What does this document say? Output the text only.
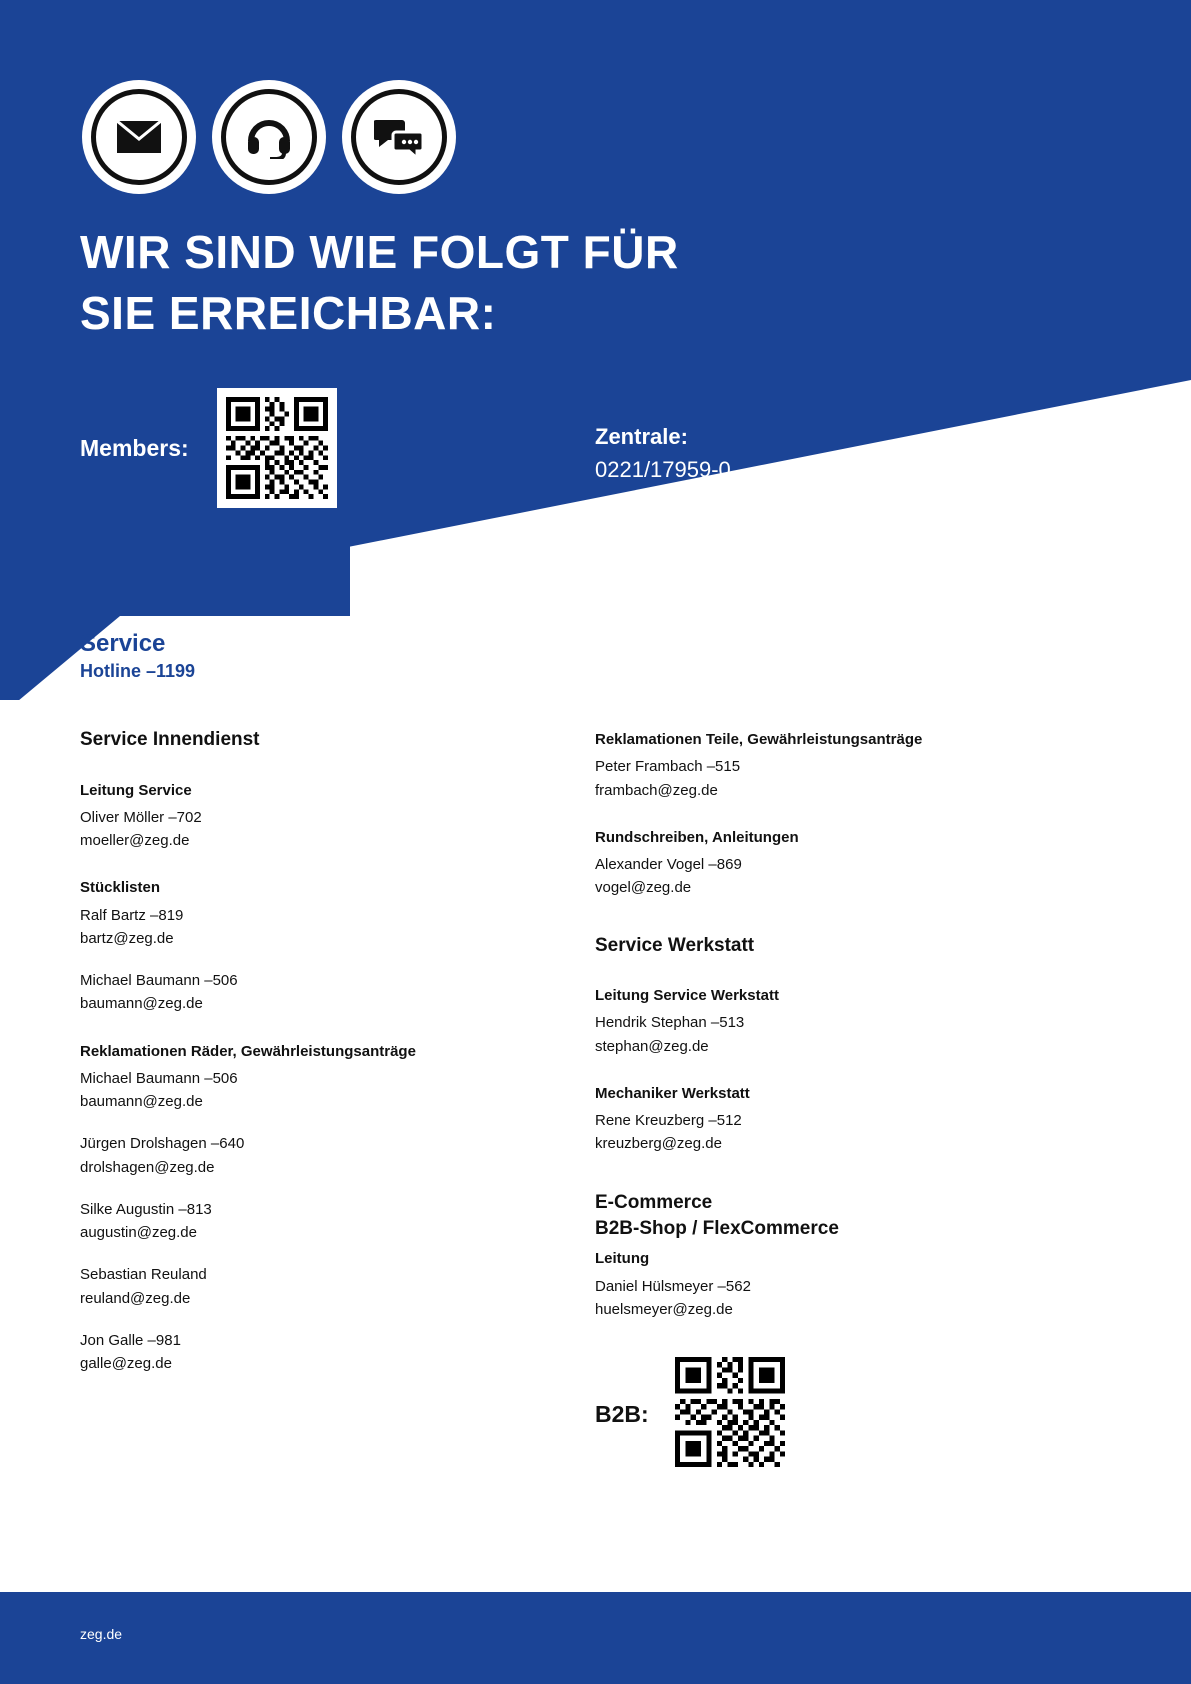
WIR SIND WIE FOLGT FÜR
SIE ERREICHBAR:
Members:	Zentrale:
0221/17959-0
Service
Hotline –1199
Service Innendienst
Leitung Service
Oliver Möller –702
moeller@zeg.de
Stücklisten
Ralf Bartz –819
bartz@zeg.de
Michael Baumann –506
baumann@zeg.de
Reklamationen Räder, Gewährleistungsanträge
Michael Baumann –506
baumann@zeg.de
Jürgen Drolshagen –640
drolshagen@zeg.de
Silke Augustin –813
augustin@zeg.de
Sebastian Reuland
reuland@zeg.de
Jon Galle –981
galle@zeg.de
Reklamationen Teile, Gewährleistungsanträge
Peter Frambach –515
frambach@zeg.de
Rundschreiben, Anleitungen
Alexander Vogel –869
vogel@zeg.de
Service Werkstatt
Leitung Service Werkstatt
Hendrik Stephan –513
stephan@zeg.de
Mechaniker Werkstatt
Rene Kreuzberg –512
kreuzberg@zeg.de
E-Commerce
B2B-Shop / FlexCommerce
Leitung
Daniel Hülsmeyer –562
huelsmeyer@zeg.de
B2B:
zeg.de
